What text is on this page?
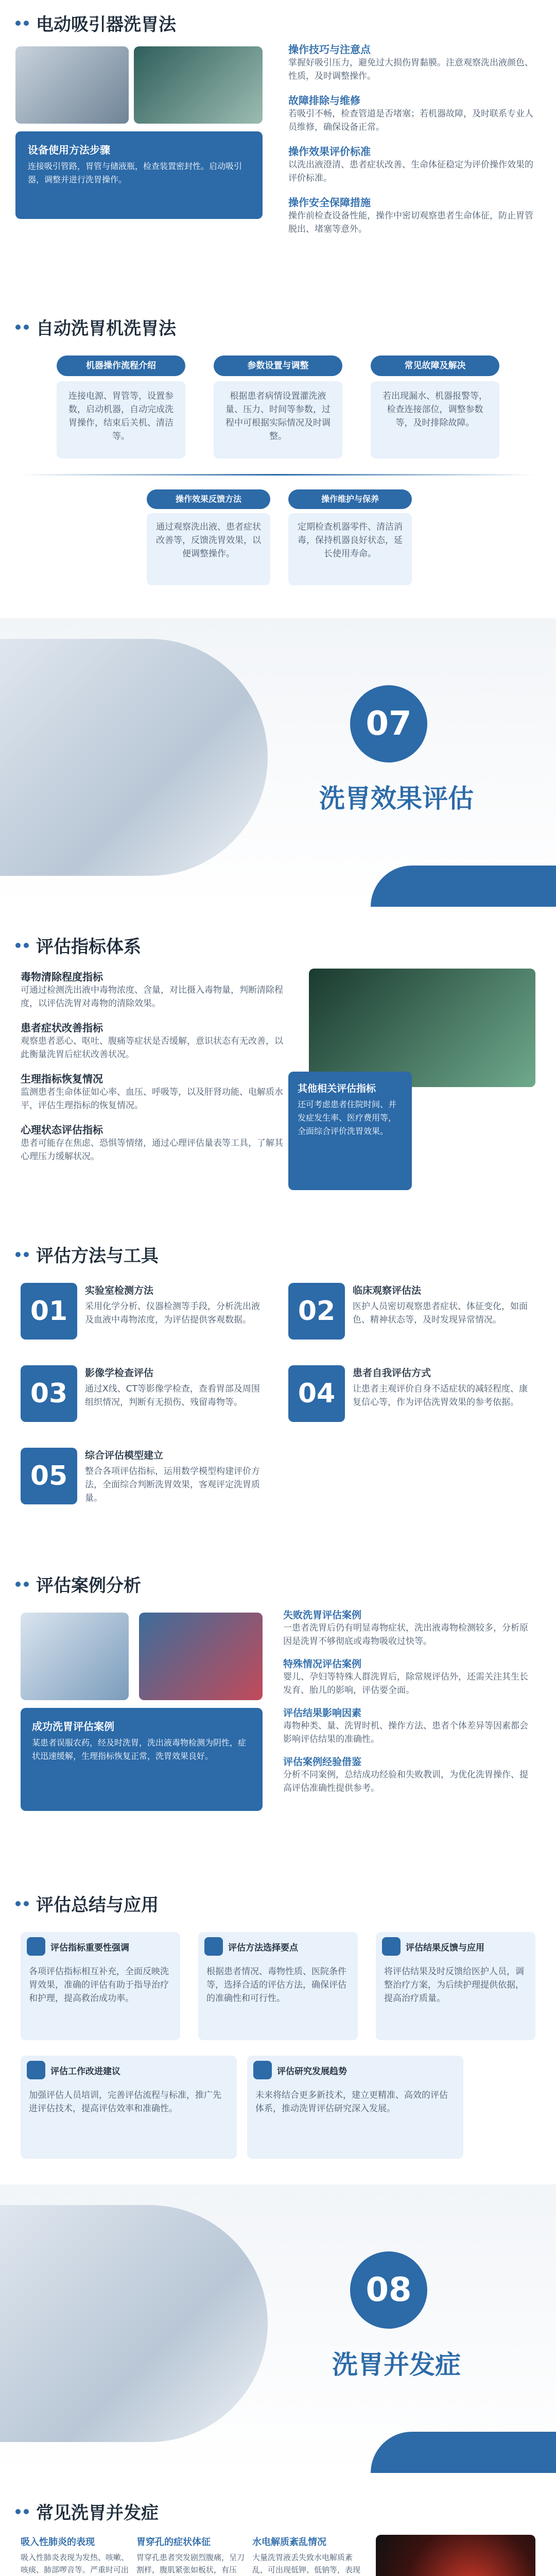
电动吸引器洗胃法
设备使用方法步骤
连接吸引管路，胃管与储液瓶，检查装置密封性。启动吸引器，调整并进行洗胃操作。
操作技巧与注意点
掌握好吸引压力，避免过大损伤胃黏膜。注意观察洗出液颜色、性质，及时调整操作。
故障排除与维修
若吸引不畅，检查管道是否堵塞；若机器故障，及时联系专业人员维修，确保设备正常。
操作效果评价标准
以洗出液澄清、患者症状改善、生命体征稳定为评价操作效果的评价标准。
操作安全保障措施
操作前检查设备性能，操作中密切观察患者生命体征，防止胃管脱出、堵塞等意外。
自动洗胃机洗胃法
机器操作流程介绍	参数设置与调整	常见故障及解决
连接电源、胃管等，设置参数，启动机器，自动完成洗胃操作，结束后关机、清洁等。
根据患者病情设置灌洗液量、压力、时间等参数，过程中可根据实际情况及时调整。
若出现漏水、机器报警等，检查连接部位，调整参数等，及时排除故障。
操作效果反馈方法	操作维护与保养
通过观察洗出液、患者症状改善等，反馈洗胃效果，以便调整操作。
定期检查机器零件、清洁消毒，保持机器良好状态，延长使用寿命。
07
洗胃效果评估
评估指标体系
毒物清除程度指标
可通过检测洗出液中毒物浓度、含量，对比摄入毒物量，判断清除程度，以评估洗胃对毒物的清除效果。
患者症状改善指标
观察患者恶心、呕吐、腹痛等症状是否缓解，意识状态有无改善，以此衡量洗胃后症状改善状况。
生理指标恢复情况
监测患者生命体征如心率、血压、呼吸等，以及肝肾功能、电解质水平，评估生理指标的恢复情况。
心理状态评估指标
患者可能存在焦虑、恐惧等情绪，通过心理评估量表等工具，了解其心理压力缓解状况。
其他相关评估指标
还可考虑患者住院时间、并发症发生率、医疗费用等，全面综合评价洗胃效果。
评估方法与工具
01
实验室检测方法
采用化学分析、仪器检测等手段，分析洗出液及血液中毒物浓度，为评估提供客观数据。	02
临床观察评估法
医护人员密切观察患者症状、体征变化，如面色、精神状态等，及时发现异常情况。
03
影像学检查评估
通过X线、CT等影像学检查，查看胃部及周围组织情况，判断有无损伤、残留毒物等。	04
患者自我评估方式
让患者主观评价自身不适症状的减轻程度、康复信心等，作为评估洗胃效果的参考依据。
05
综合评估模型建立
整合各项评估指标，运用数学模型构建评价方法，全面综合判断洗胃效果，客观评定洗胃质量。
评估案例分析
成功洗胃评估案例
某患者误服农药，经及时洗胃，洗出液毒物检测为阴性，症状迅速缓解，生理指标恢复正常，洗胃效果良好。
失败洗胃评估案例
一患者洗胃后仍有明显毒物症状，洗出液毒物检测较多，分析原因是洗胃不够彻底或毒物吸收过快等。
特殊情况评估案例
婴儿、孕妇等特殊人群洗胃后，除常规评估外，还需关注其生长发育、胎儿的影响，评估要全面。
评估结果影响因素
毒物种类、量、洗胃时机、操作方法、患者个体差异等因素都会影响评估结果的准确性。
评估案例经验借鉴
分析不同案例，总结成功经验和失败教训，为优化洗胃操作、提高评估准确性提供参考。
评估总结与应用
评估指标重要性强调
各项评估指标相互补充，全面反映洗胃效果，准确的评估有助于指导治疗和护理，提高救治成功率。
评估方法选择要点
根据患者情况、毒物性质、医院条件等，选择合适的评估方法，确保评估的准确性和可行性。
评估结果反馈与应用
将评估结果及时反馈给医护人员，调整治疗方案，为后续护理提供依据，提高治疗质量。
评估工作改进建议
加强评估人员培训，完善评估流程与标准，推广先进评估技术，提高评估效率和准确性。
评估研究发展趋势
未来将结合更多新技术，建立更精准、高效的评估体系，推动洗胃评估研究深入发展。
08
洗胃并发症
常见洗胃并发症
吸入性肺炎的表现
吸入性肺炎表现为发热、咳嗽、咳痰、肺部啰音等。严重时可出
胃穿孔的症状体征
胃穿孔患者突发剧烈腹痛，呈刀割样，腹肌紧张如板状，有压
水电解质紊乱情况
大量洗胃液丢失致水电解质紊乱，可出现低钾、低钠等，表现
